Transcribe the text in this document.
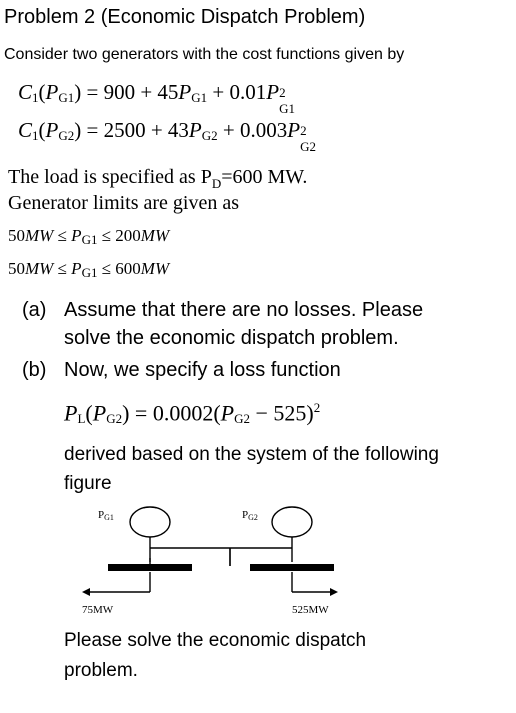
Problem 2 (Economic Dispatch Problem)
Consider two generators with the cost functions given by
$C_1(P_{G1}) = 900 + 45P_{G1} + 0.01P$ 2
G1
$C_1(P_{G2}) = 2500 + 43P_{G2} + 0.003P$ 2
G2
The load is specified as $P_D=600$ MW.
Generator limits are given as
$50MW \le P_{G1} \le 200MW$
$50MW \le P_{G1} \le 600MW$
(a) Assume that there are no losses. Please
solve the economic dispatch problem.
(b) Now, we specify a loss function
$P_L(P_{G2}) = 0.0002(P_{G2} - 525)^2$
derived based on the system of the following
figure
PG1	PG2
75MW	525MW
Please solve the economic dispatch
problem.
